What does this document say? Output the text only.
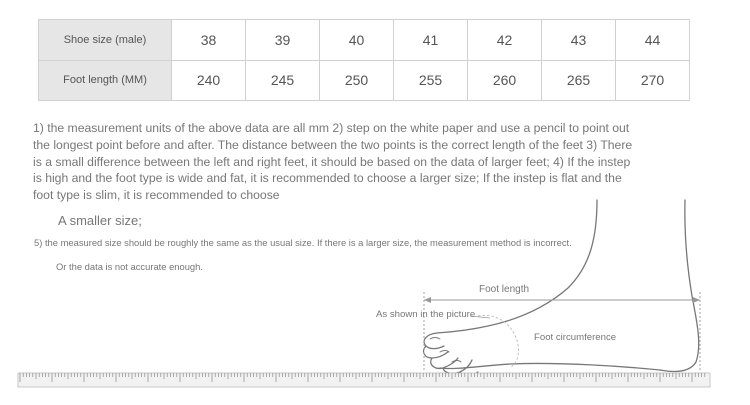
Shoe size (male)	38	39	40	41	42	43	44
Foot length (MM)	240	245	250	255	260	265	270
1) the measurement units of the above data are all mm 2) step on the white paper and use a pencil to point out the longest point before and after. The distance between the two points is the correct length of the feet 3) There is a small difference between the left and right feet, it should be based on the data of larger feet; 4) If the instep is high and the foot type is wide and fat, it is recommended to choose a larger size; If the instep is flat and the foot type is slim, it is recommended to choose
A smaller size;
5) the measured size should be roughly the same as the usual size. If there is a larger size, the measurement method is incorrect.
Or the data is not accurate enough.
Foot length
As shown in the picture
Foot circumference
